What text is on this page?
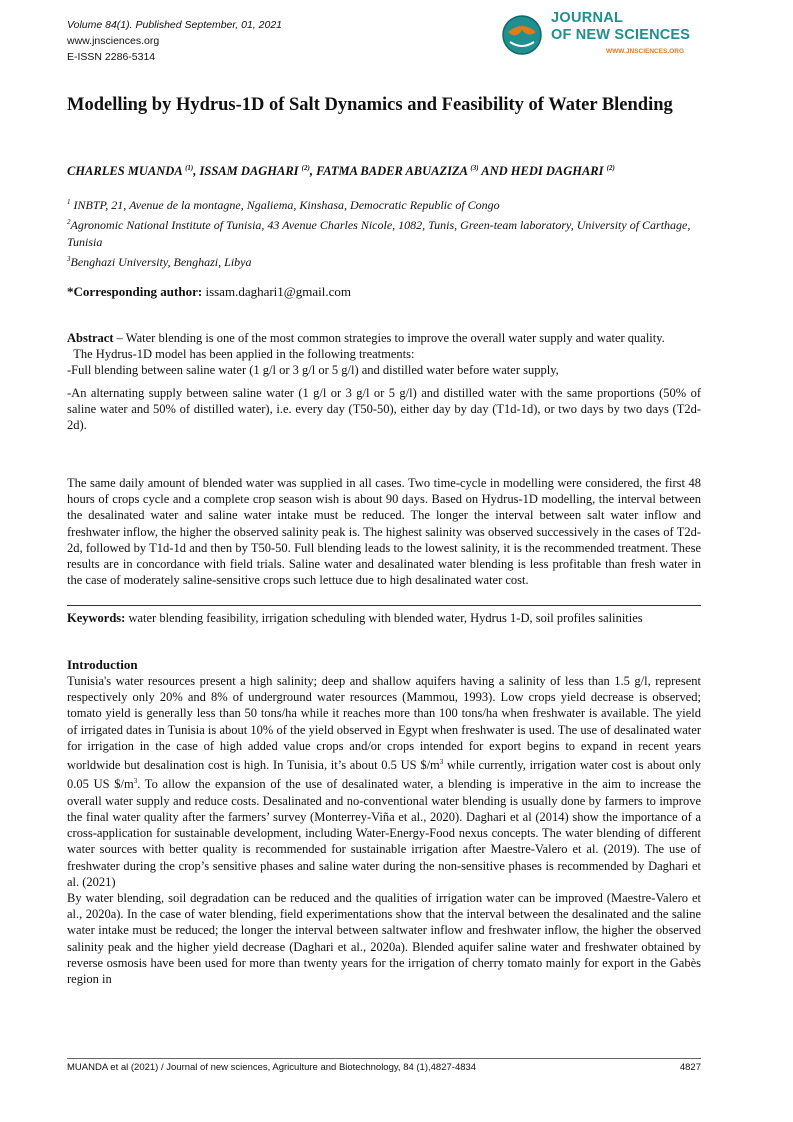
Volume 84(1). Published September, 01, 2021
www.jnsciences.org
E-ISSN 2286-5314
JOURNAL
OF NEW SCIENCES
WWW.JNSCIENCES.ORG
Modelling by Hydrus-1D of Salt Dynamics and Feasibility of Water Blending
CHARLES MUANDA $^{(1)}$, ISSAM DAGHARI $^{(2)}$, FATMA BADER ABUAZIZA $^{(3)}$ AND HEDI DAGHARI $^{(2)}$
$^1$ INBTP, 21, Avenue de la montagne, Ngaliema, Kinshasa, Democratic Republic of Congo
$^2$Agronomic National Institute of Tunisia, 43 Avenue Charles Nicole, 1082, Tunis, Green-team laboratory, University of Carthage, Tunisia
$^3$Benghazi University, Benghazi, Libya
*Corresponding author: issam.daghari1@gmail.com

Abstract – Water blending is one of the most common strategies to improve the overall water supply and water quality.

The Hydrus-1D model has been applied in the following treatments:

-Full blending between saline water (1 g/l or 3 g/l or 5 g/l) and distilled water before water supply,

-An alternating supply between saline water (1 g/l or 3 g/l or 5 g/l) and distilled water with the same proportions (50% of saline water and 50% of distilled water), i.e. every day (T50-50), either day by day (T1d-1d), or two days by two days (T2d-2d).

The same daily amount of blended water was supplied in all cases. Two time-cycle in modelling were considered, the first 48 hours of crops cycle and a complete crop season wish is about 90 days. Based on Hydrus-1D modelling, the interval between the desalinated water and saline water intake must be reduced. The longer the interval between salt water inflow and freshwater inflow, the higher the observed salinity peak is. The highest salinity was observed successively in the cases of T2d-2d, followed by T1d-1d and then by T50-50. Full blending leads to the lowest salinity, it is the recommended treatment. These results are in concordance with field trials. Saline water and desalinated water blending is less profitable than fresh water in the case of moderately saline-sensitive crops such lettuce due to high desalinated water cost.

Keywords: water blending feasibility, irrigation scheduling with blended water, Hydrus 1-D, soil profiles salinities

Introduction

Tunisia's water resources present a high salinity; deep and shallow aquifers having a salinity of less than 1.5 g/l, represent respectively only 20% and 8% of underground water resources (Mammou, 1993). Low crops yield decrease is observed; tomato yield is generally less than 50 tons/ha while it reaches more than 100 tons/ha when freshwater is available. The yield of irrigated dates in Tunisia is about 10% of the yield observed in Egypt when freshwater is used. The use of desalinated water for irrigation in the case of high added value crops and/or crops intended for export begins to expand in recent years worldwide but desalination cost is high. In Tunisia, it’s about 0.5 US $\$/m^3$ while currently, irrigation water cost is about only 0.05 US $\$/m^3$. To allow the expansion of the use of desalinated water, a blending is imperative in the aim to increase the overall water supply and reduce costs. Desalinated and no-conventional water blending is usually done by farmers to improve the final water quality after the farmers’ survey (Monterrey-Viña et al., 2020). Daghari et al (2014) show the importance of a cross-application for sustainable development, including Water-Energy-Food nexus concepts. The water blending of different water sources with better quality is recommended for sustainable irrigation after Maestre-Valero et al. (2019). The use of freshwater during the crop’s sensitive phases and saline water during the non-sensitive phases is recommended by Daghari et al. (2021)

By water blending, soil degradation can be reduced and the qualities of irrigation water can be improved (Maestre-Valero et al., 2020a). In the case of water blending, field experimentations show that the interval between the desalinated and the saline water intake must be reduced; the longer the interval between saltwater inflow and freshwater inflow, the higher the observed salinity peak and the higher yield decrease (Daghari et al., 2020a). Blended aquifer saline water and freshwater obtained by reverse osmosis have been used for more than twenty years for the irrigation of cherry tomato mainly for export in the Gabès region in

MUANDA et al (2021) / Journal of new sciences, Agriculture and Biotechnology, 84 (1),4827-4834	4827
